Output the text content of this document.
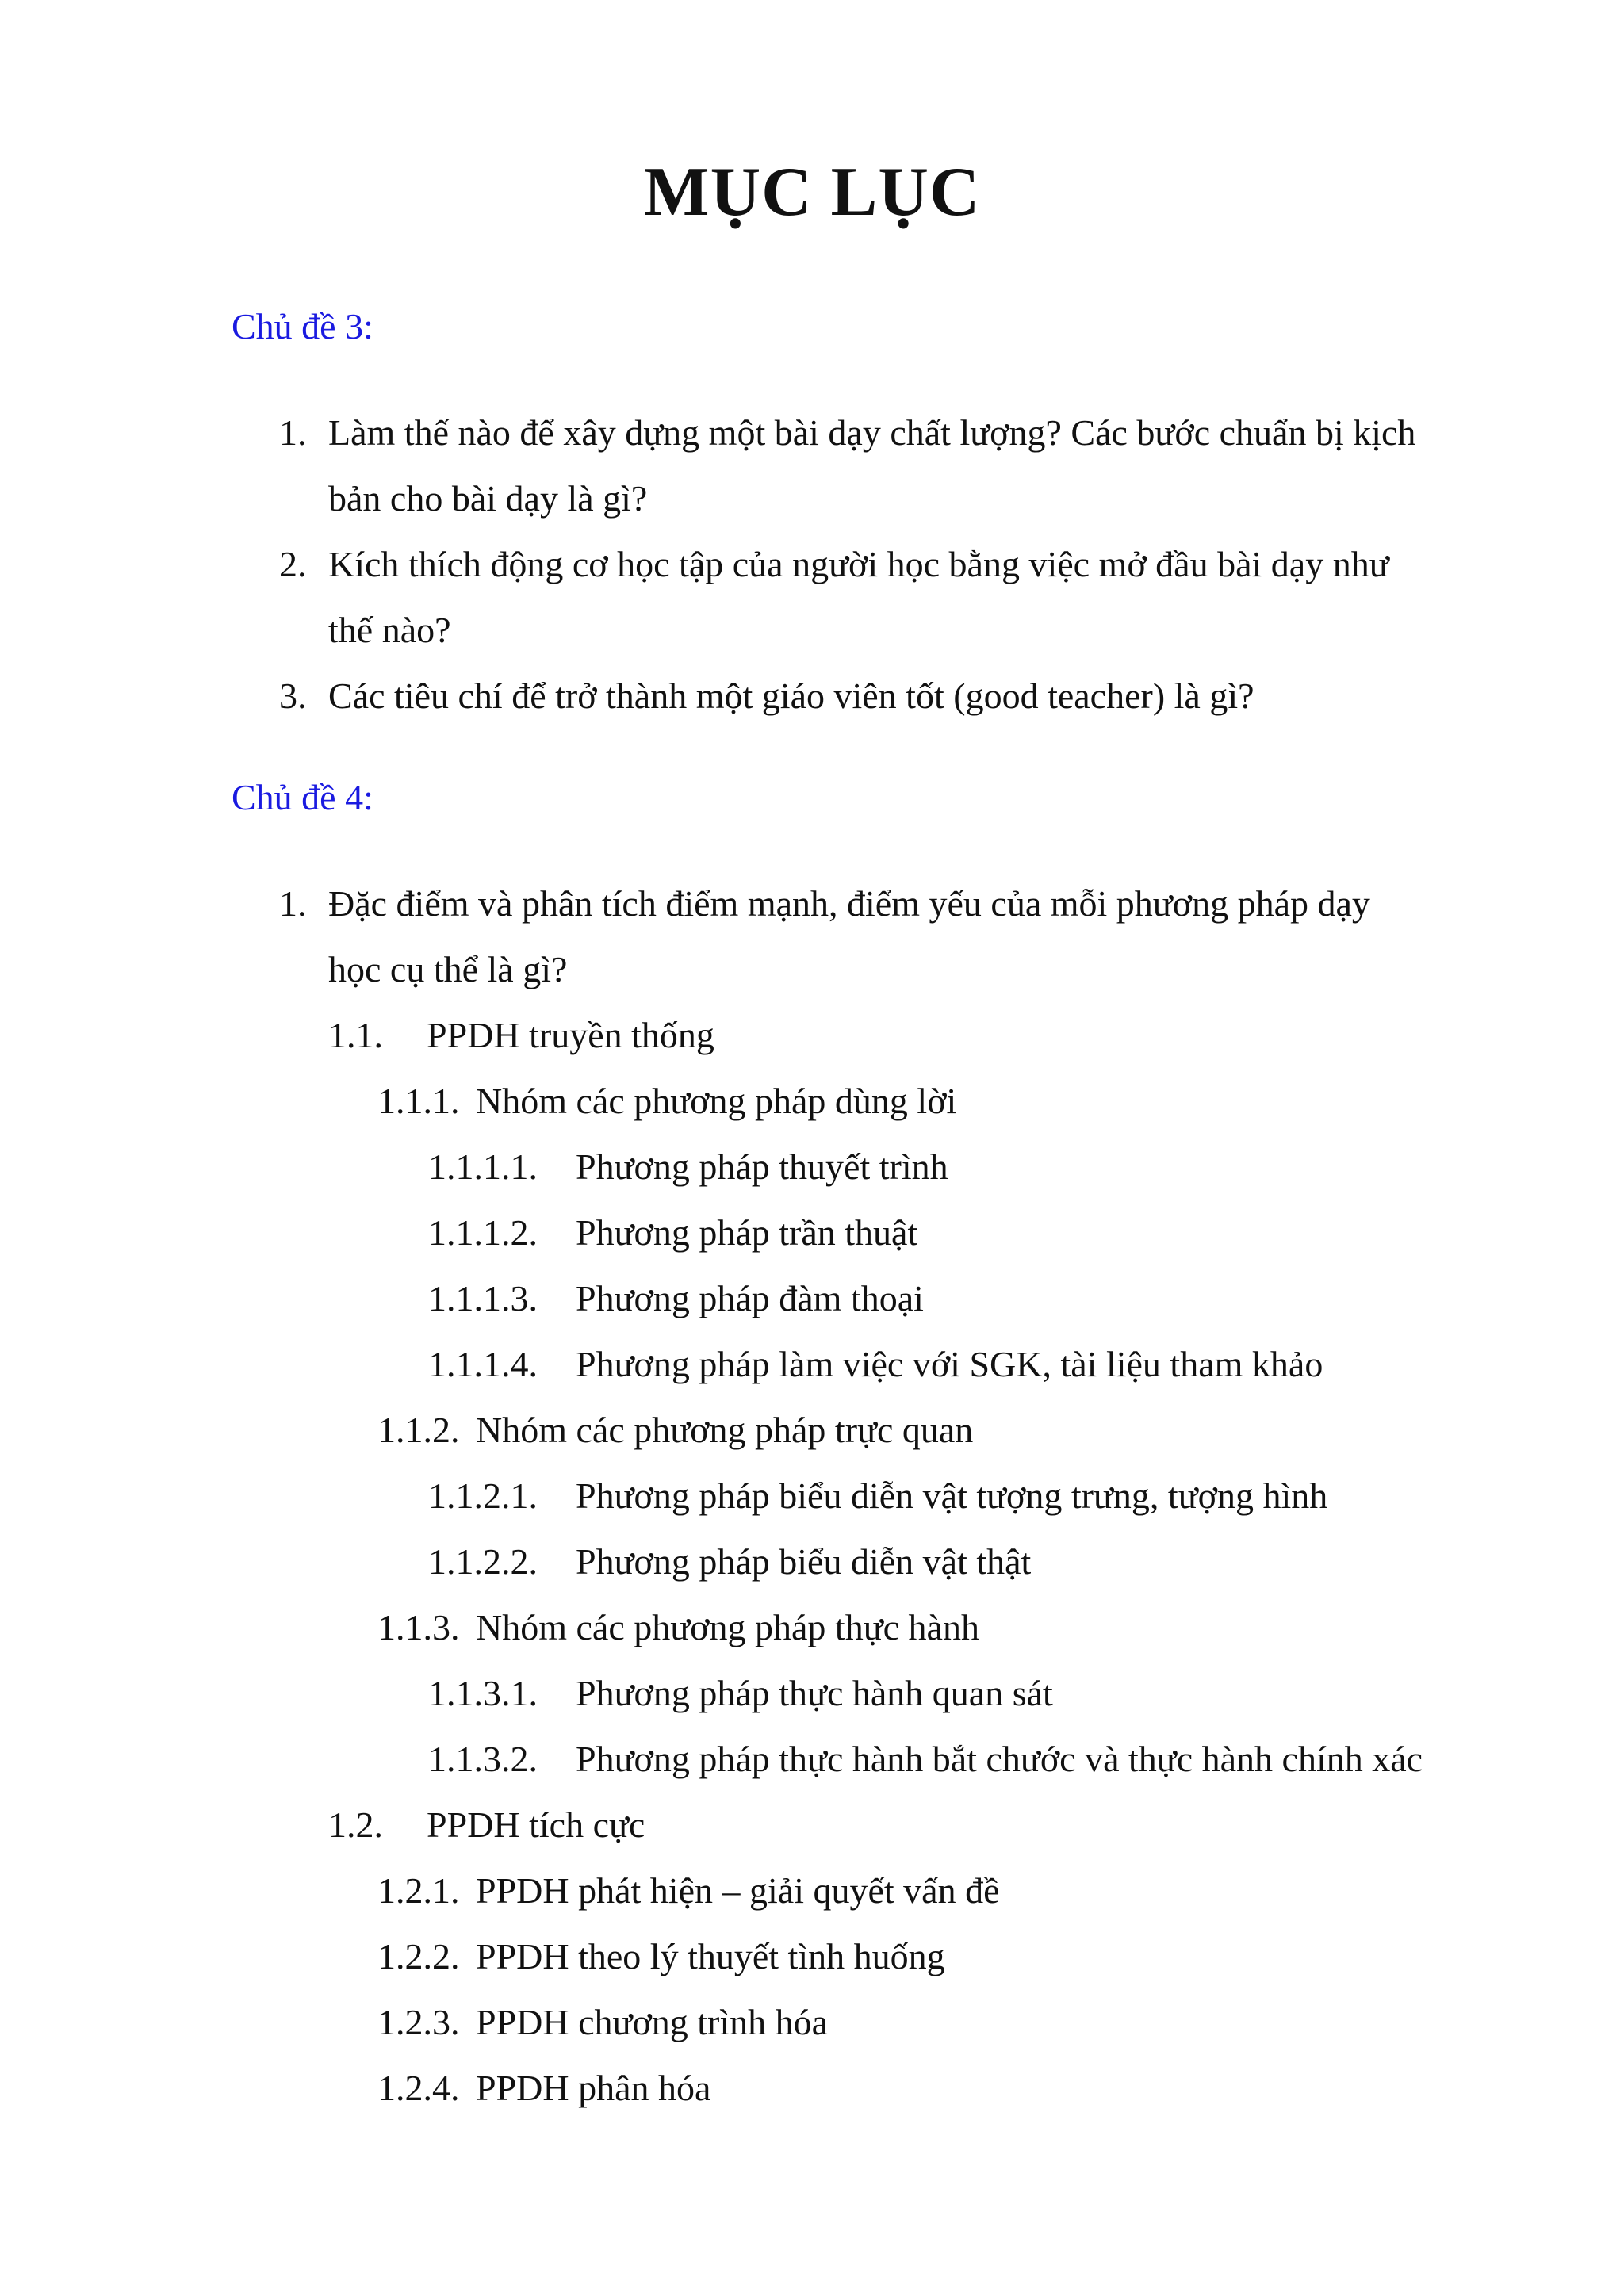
MỤC LỤC
Chủ đề 3:
1. Làm thế nào để xây dựng một bài dạy chất lượng? Các bước chuẩn bị kịch
bản cho bài dạy là gì?
2. Kích thích động cơ học tập của người học bằng việc mở đầu bài dạy như
thế nào?
3. Các tiêu chí để trở thành một giáo viên tốt (good teacher) là gì?
Chủ đề 4:
1. Đặc điểm và phân tích điểm mạnh, điểm yếu của mỗi phương pháp dạy
học cụ thể là gì?
1.1. PPDH truyền thống
1.1.1. Nhóm các phương pháp dùng lời
1.1.1.1. Phương pháp thuyết trình
1.1.1.2. Phương pháp trần thuật
1.1.1.3. Phương pháp đàm thoại
1.1.1.4. Phương pháp làm việc với SGK, tài liệu tham khảo
1.1.2. Nhóm các phương pháp trực quan
1.1.2.1. Phương pháp biểu diễn vật tượng trưng, tượng hình
1.1.2.2. Phương pháp biểu diễn vật thật
1.1.3. Nhóm các phương pháp thực hành
1.1.3.1. Phương pháp thực hành quan sát
1.1.3.2. Phương pháp thực hành bắt chước và thực hành chính xác
1.2. PPDH tích cực
1.2.1. PPDH phát hiện – giải quyết vấn đề
1.2.2. PPDH theo lý thuyết tình huống
1.2.3. PPDH chương trình hóa
1.2.4. PPDH phân hóa
